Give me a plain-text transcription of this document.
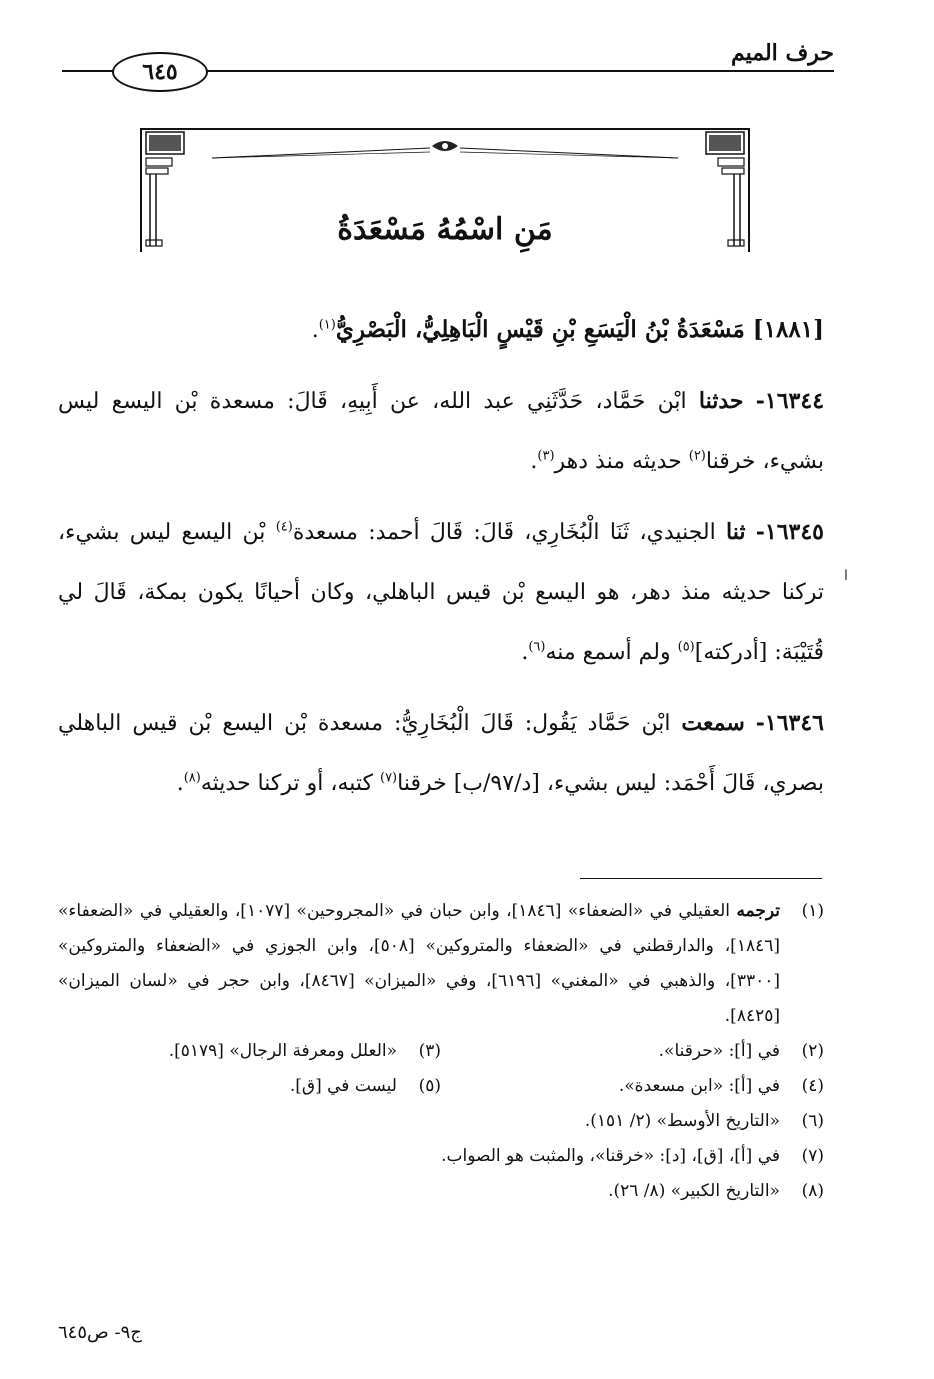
حرف الميم
٦٤٥
مَنِ اسْمُهُ مَسْعَدَةُ

[١٨٨١] مَسْعَدَةُ بْنُ الْيَسَعِ بْنِ قَيْسٍ الْبَاهِلِيُّ، الْبَصْرِيُّ$^{(١)}$.

١٦٣٤٤- حدثنا ابْن حَمَّاد، حَدَّثَنِي عبد الله، عن أَبِيهِ، قَالَ: مسعدة بْن اليسع ليس بشيء، خرقنا$^{(٢)}$ حديثه منذ دهر$^{(٣)}$.

١٦٣٤٥- ثنا الجنيدي، ثَنَا الْبُخَارِي، قَالَ: قَالَ أحمد: مسعدة$^{(٤)}$ بْن اليسع ليس بشيء، تركنا حديثه منذ دهر، هو اليسع بْن قيس الباهلي، وكان أحيانًا يكون بمكة، قَالَ لي قُتَيْبَة: [أدركته]$^{(٥)}$ ولم أسمع منه$^{(٦)}$.

١٦٣٤٦- سمعت ابْن حَمَّاد يَقُول: قَالَ الْبُخَارِيُّ: مسعدة بْن اليسع بْن قيس الباهلي بصري، قَالَ أَحْمَد: ليس بشيء، [د/٩٧/ب] خرقنا$^{(٧)}$ كتبه، أو تركنا حديثه$^{(٨)}$.

ا
(١)
ترجمه العقيلي في «الضعفاء» [١٨٤٦]، وابن حبان في «المجروحين» [١٠٧٧]، والعقيلي في «الضعفاء» [١٨٤٦]، والدارقطني في «الضعفاء والمتروكين» [٥٠٨]، وابن الجوزي في «الضعفاء والمتروكين» [٣٣٠٠]، والذهبي في «المغني» [٦١٩٦]، وفي «الميزان» [٨٤٦٧]، وابن حجر في «لسان الميزان» [٨٤٢٥].
(٢)
في [أ]: «حرقنا».
(٣)
«العلل ومعرفة الرجال» [٥١٧٩].
(٤)
في [أ]: «ابن مسعدة».
(٥)
ليست في [ق].
(٦)
«التاريخ الأوسط» (٢/ ١٥١).
(٧)
في [أ]، [ق]، [د]: «خرقنا»، والمثبت هو الصواب.
(٨)
«التاريخ الكبير» (٨/ ٢٦).
ج٩- ص٦٤٥
